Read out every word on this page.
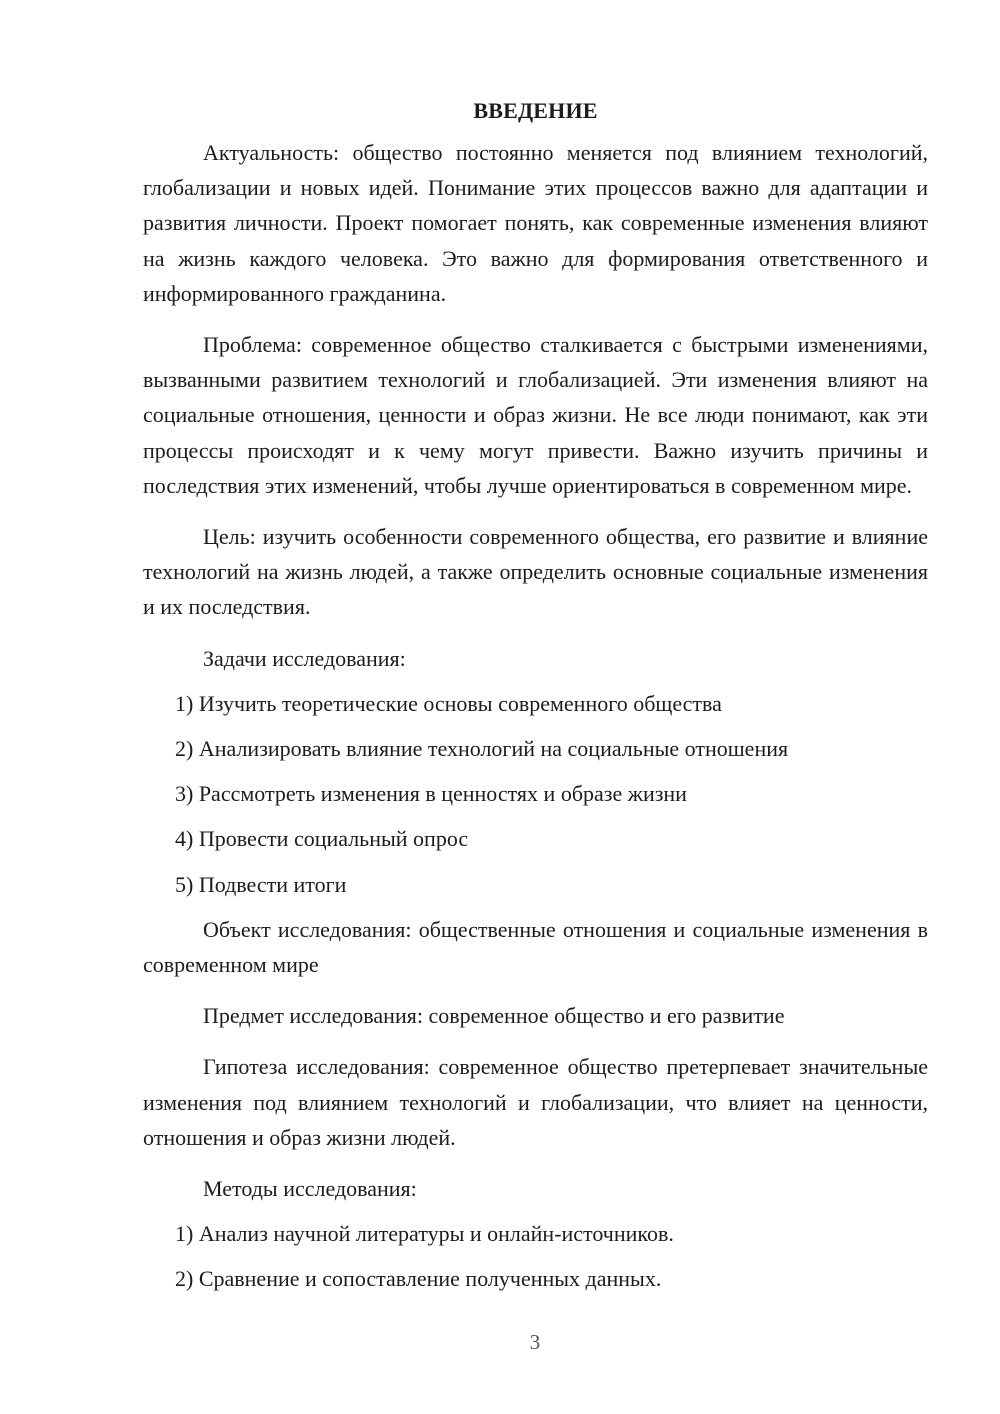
ВВЕДЕНИЕ

Актуальность: общество постоянно меняется под влиянием технологий, глобализации и новых идей. Понимание этих процессов важно для адаптации и развития личности. Проект помогает понять, как современные изменения влияют на жизнь каждого человека. Это важно для формирования ответственного и информированного гражданина.

Проблема: современное общество сталкивается с быстрыми изменениями, вызванными развитием технологий и глобализацией. Эти изменения влияют на социальные отношения, ценности и образ жизни. Не все люди понимают, как эти процессы происходят и к чему могут привести. Важно изучить причины и последствия этих изменений, чтобы лучше ориентироваться в современном мире.

Цель: изучить особенности современного общества, его развитие и влияние технологий на жизнь людей, а также определить основные социальные изменения и их последствия.

Задачи исследования:

1) Изучить теоретические основы современного общества
2) Анализировать влияние технологий на социальные отношения
3) Рассмотреть изменения в ценностях и образе жизни
4) Провести социальный опрос
5) Подвести итоги

Объект исследования: общественные отношения и социальные изменения в современном мире

Предмет исследования: современное общество и его развитие

Гипотеза исследования: современное общество претерпевает значительные изменения под влиянием технологий и глобализации, что влияет на ценности, отношения и образ жизни людей.

Методы исследования:

1) Анализ научной литературы и онлайн-источников.
2) Сравнение и сопоставление полученных данных.
3
